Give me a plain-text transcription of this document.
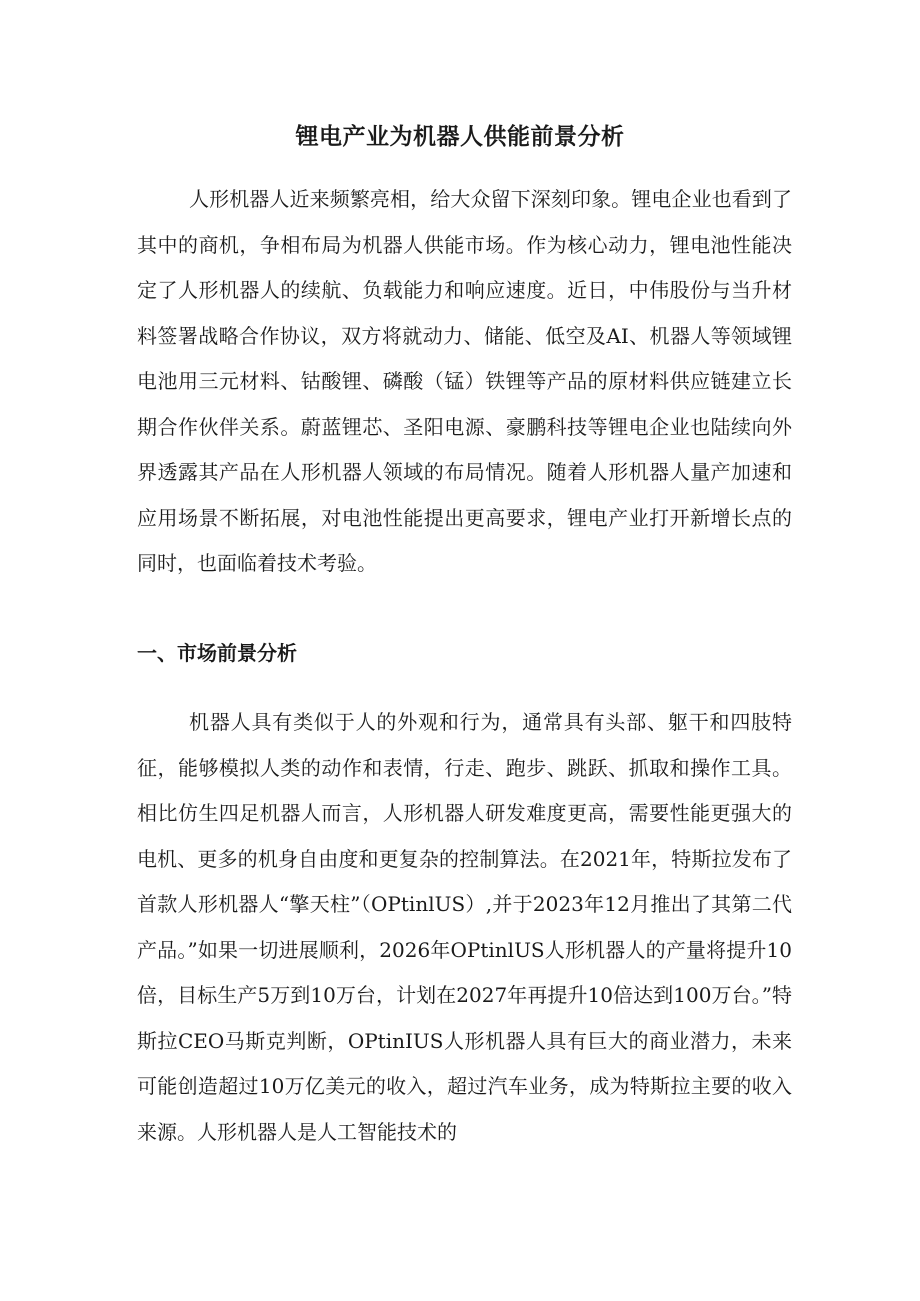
锂电产业为机器人供能前景分析

人形机器人近来频繁亮相，给大众留下深刻印象。锂电企业也看到了其中的商机，争相布局为机器人供能市场。作为核心动力，锂电池性能决定了人形机器人的续航、负载能力和响应速度。近日，中伟股份与当升材料签署战略合作协议，双方将就动力、储能、低空及AI、机器人等领域锂电池用三元材料、钴酸锂、磷酸（锰）铁锂等产品的原材料供应链建立长期合作伙伴关系。蔚蓝锂芯、圣阳电源、豪鹏科技等锂电企业也陆续向外界透露其产品在人形机器人领域的布局情况。随着人形机器人量产加速和应用场景不断拓展，对电池性能提出更高要求，锂电产业打开新增长点的同时，也面临着技术考验。

一、市场前景分析

机器人具有类似于人的外观和行为，通常具有头部、躯干和四肢特征，能够模拟人类的动作和表情，行走、跑步、跳跃、抓取和操作工具。相比仿生四足机器人而言，人形机器人研发难度更高，需要性能更强大的电机、更多的机身自由度和更复杂的控制算法。在2021年，特斯拉发布了首款人形机器人“擎天柱”（OPtinlUS）,并于2023年12月推出了其第二代产品。”如果一切进展顺利，2026年OPtinlUS人形机器人的产量将提升10倍，目标生产5万到10万台，计划在2027年再提升10倍达到100万台。”特斯拉CEO马斯克判断，OPtinIUS人形机器人具有巨大的商业潜力，未来可能创造超过10万亿美元的收入，超过汽车业务，成为特斯拉主要的收入来源。人形机器人是人工智能技术的
